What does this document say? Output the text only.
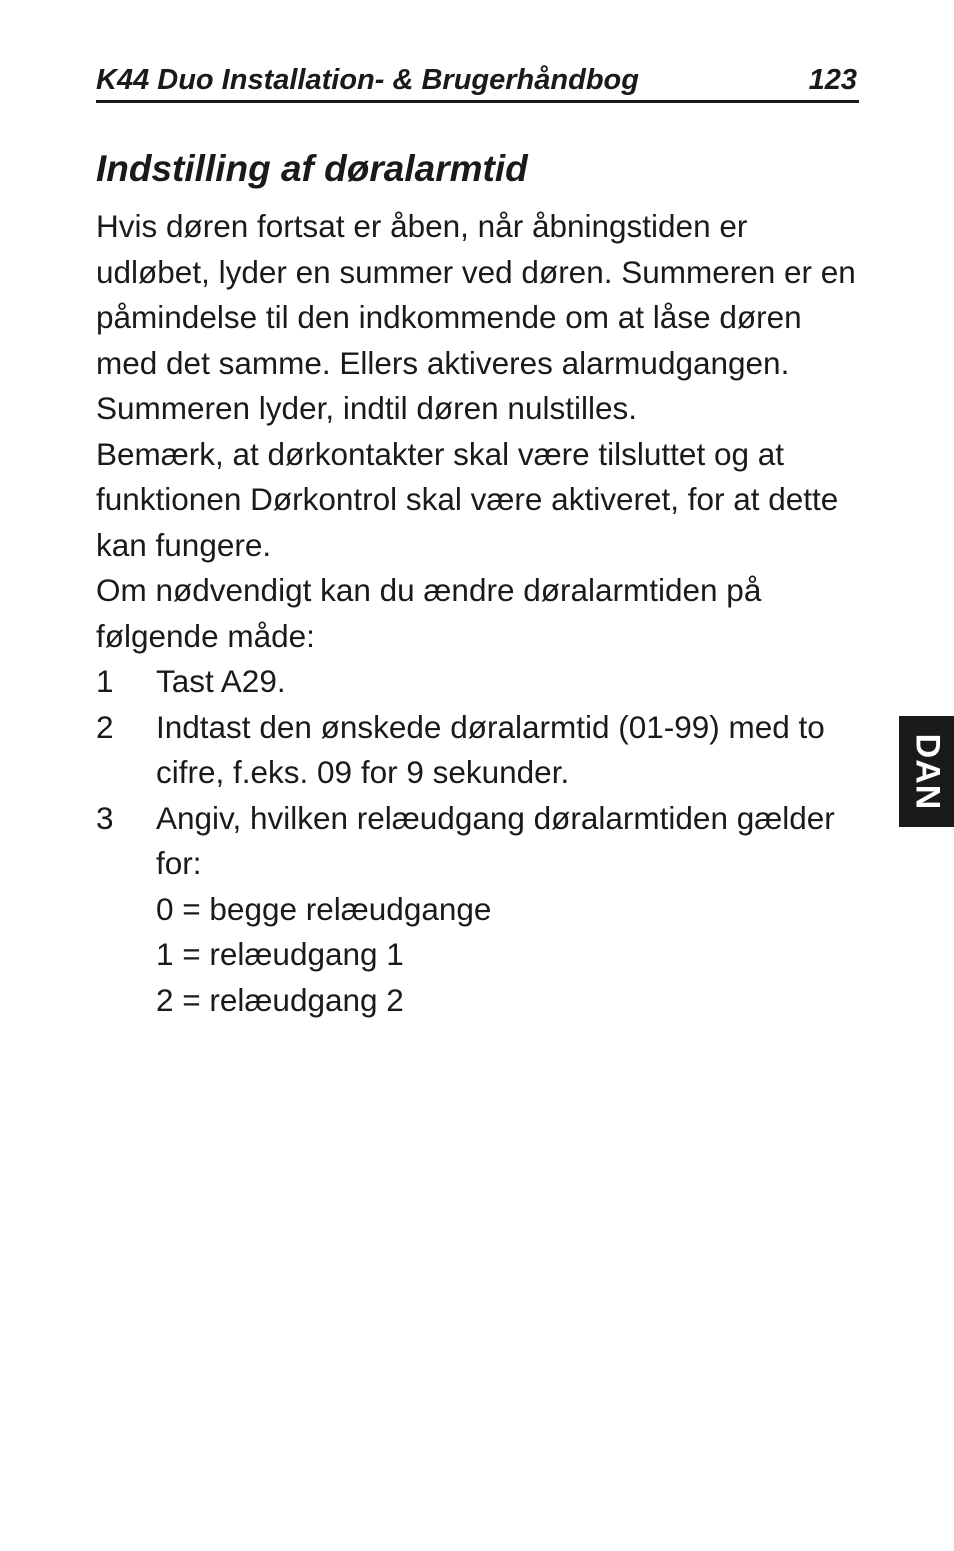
K44 Duo Installation- & Brugerhåndbog	123
Indstilling af døralarmtid

Hvis døren fortsat er åben, når åbningstiden er udløbet, lyder en summer ved døren. Summeren er en påmindelse til den indkommende om at låse døren med det samme. Ellers aktiveres alarmudgangen. Summeren lyder, indtil døren nulstilles.

Bemærk, at dørkontakter skal være tilsluttet og at funktionen Dørkontrol skal være aktiveret, for at dette kan fungere.

Om nødvendigt kan du ændre døralarmtiden på følgende måde:

1 Tast A29.
2 Indtast den ønskede døralarmtid (01-99) med to cifre, f.eks. 09 for 9 sekunder.
3 Angiv, hvilken relæudgang døralarmtiden gælder for:
0 = begge relæudgange
1 = relæudgang 1
2 = relæudgang 2
DAN
